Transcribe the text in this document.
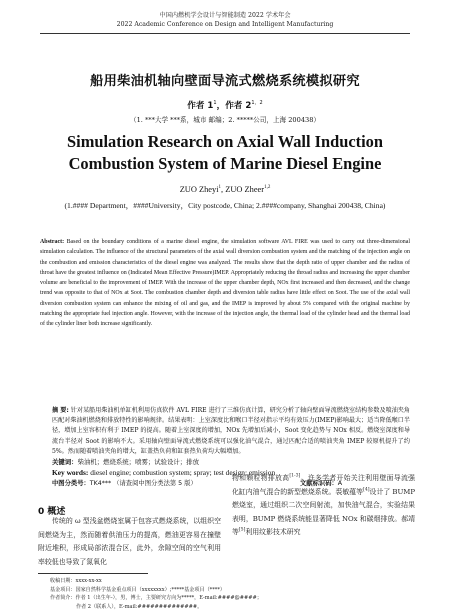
中国内燃机学会设计与智能制造 2022 学术年会
2022 Academic Conference on Design and Intelligent Manufacturing
船用柴油机轴向壁面导流式燃烧系统模拟研究
作者 $1^1$，作者 $2^{1,2}$
（1. ***大学 ***系，城市 邮编；2. *****公司，上海 200438）
Simulation Research on Axial Wall Induction Combustion System of Marine Diesel Engine
ZUO Zheyi$^1$, ZUO Zheer$^{1,2}$
(1.#### Department，####University，City postcode, China; 2.####company, Shanghai 200438, China)
Abstract: Based on the boundary conditions of a marine diesel engine, the simulation software AVL FIRE was used to carry out three-dimensional simulation calculation. The influence of the structural parameters of the axial wall diversion combustion system and the matching of the injection angle on the combustion and emission characteristics of the diesel engine was analyzed. The results show that the depth ratio of upper chamber and the radius of throat have the greatest influence on (Indicated Mean Effective Pressure)IMEP. Appropriately reducing the throad radius and increasing the upper chamber volume are beneficial to the improvement of IMEP. With the increase of the upper chamber depth, NOx first increased and then decreased, and the change trend was opposite to that of NOx at Soot. The combustion chamber depth and diversion table radius have little effect on Soot. The use of the axial wall diversion combustion system can enhance the mixing of oil and gas, and the IMEP is improved by about 5% compared with the original machine by matching the appropriate fuel injection angle. However, with the increase of the injection angle, the thermal load of the cylinder head and the thermal load of the cylinder liner both increase significantly.
摘 要: 针对某船用柴油机单缸机利用仿真软件 AVL FIRE 进行了三维仿真计算，研究分析了轴向壁面导流燃烧室结构参数及喷油夹角匹配对柴油机燃烧和排放特性的影响规律。结果表明：上室深度比和喉口半径对指示平均有效压力(IMEP)影响最大；适当降低喉口半径，增加上室容积有利于 IMEP 的提高。随着上室深度的增加，NOx 先增加后减小，Soot 变化趋势与 NOx 相反。燃烧室深度和导流台半径对 Soot 的影响不大。采用轴向壁面导流式燃烧系统可以强化油气混合，通过匹配合适的喷油夹角 IMEP 较原机提升了约 5%。然而随着喷油夹角的增大，缸盖热负荷和缸套热负荷均大幅增加。
关键词：柴油机；燃烧系统；喷雾；试验设计；排放
Key words: diesel engine; combustion system; spray; test design; emission
中图分类号：TK4*** （请查阅中图分类法第 5 版）	文献标识码：A
0 概述

传统的 ω 型浅盆燃烧室属于包容式燃烧系统，以组织空间燃烧为主，然而随着供油压力的提高，燃油更容易在撞壁附近堆积，形成局部浓混合区，此外，余隙空间的空气利用率较低也导致了氮氧化

物和颗粒物排放高[1-3]。许多学者开始关注利用壁面导流强化缸内油气混合的新型燃烧系统。裘敏蕴等[4]设计了 BUMP 燃烧室，通过组织二次空间射流，加快油气混合，实验结果表明，BUMP 燃烧系统能显著降低 NOx 和碳烟排放。郝靖等[5]利用纹影技术研究

收稿日期：xxxx-xx-xx
基金项目：国家自然科学基金重点项目（xxxxxxxx）;*****基金项目（****）
作者简介：作者 1（出生年-），男，博士，主要研究方向为*****，E-mail:####@####；
作者 2（联系人），E-mail:##############。
